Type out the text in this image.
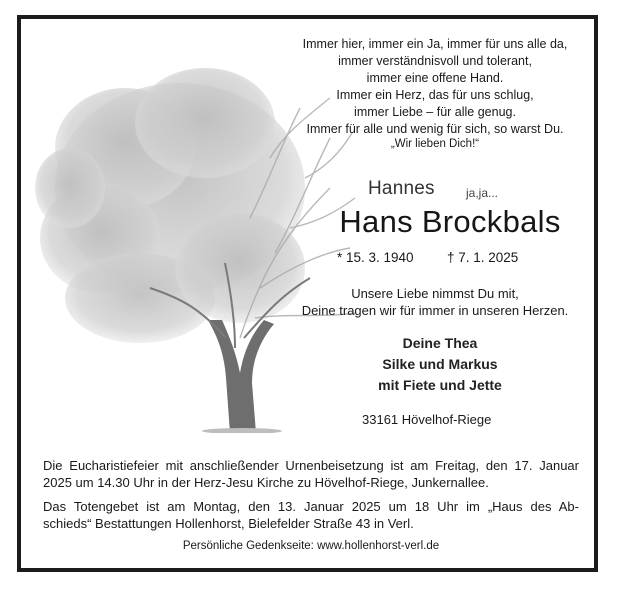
Immer hier, immer ein Ja, immer für uns alle da,
immer verständnisvoll und tolerant,
immer eine offene Hand.
Immer ein Herz, das für uns schlug,
immer Liebe – für alle genug.
Immer für alle und wenig für sich, so warst Du.
„Wir lieben Dich!“
Hannes	ja,ja...
Hans Brockbals
* 15. 3. 1940 † 7. 1. 2025
Unsere Liebe nimmst Du mit,
Deine tragen wir für immer in unseren Herzen.
Deine Thea
Silke und Markus
mit Fiete und Jette
33161 Hövelhof-Riege
Die Eucharistiefeier mit anschließender Urnenbeisetzung ist am Freitag, den 17. Januar
2025 um 14.30 Uhr in der Herz-Jesu Kirche zu Hövelhof-Riege, Junkernallee.
Das Totengebet ist am Montag, den 13. Januar 2025 um 18 Uhr im „Haus des Ab-
schieds“ Bestattungen Hollenhorst, Bielefelder Straße 43 in Verl.
Persönliche Gedenkseite: www.hollenhorst-verl.de
